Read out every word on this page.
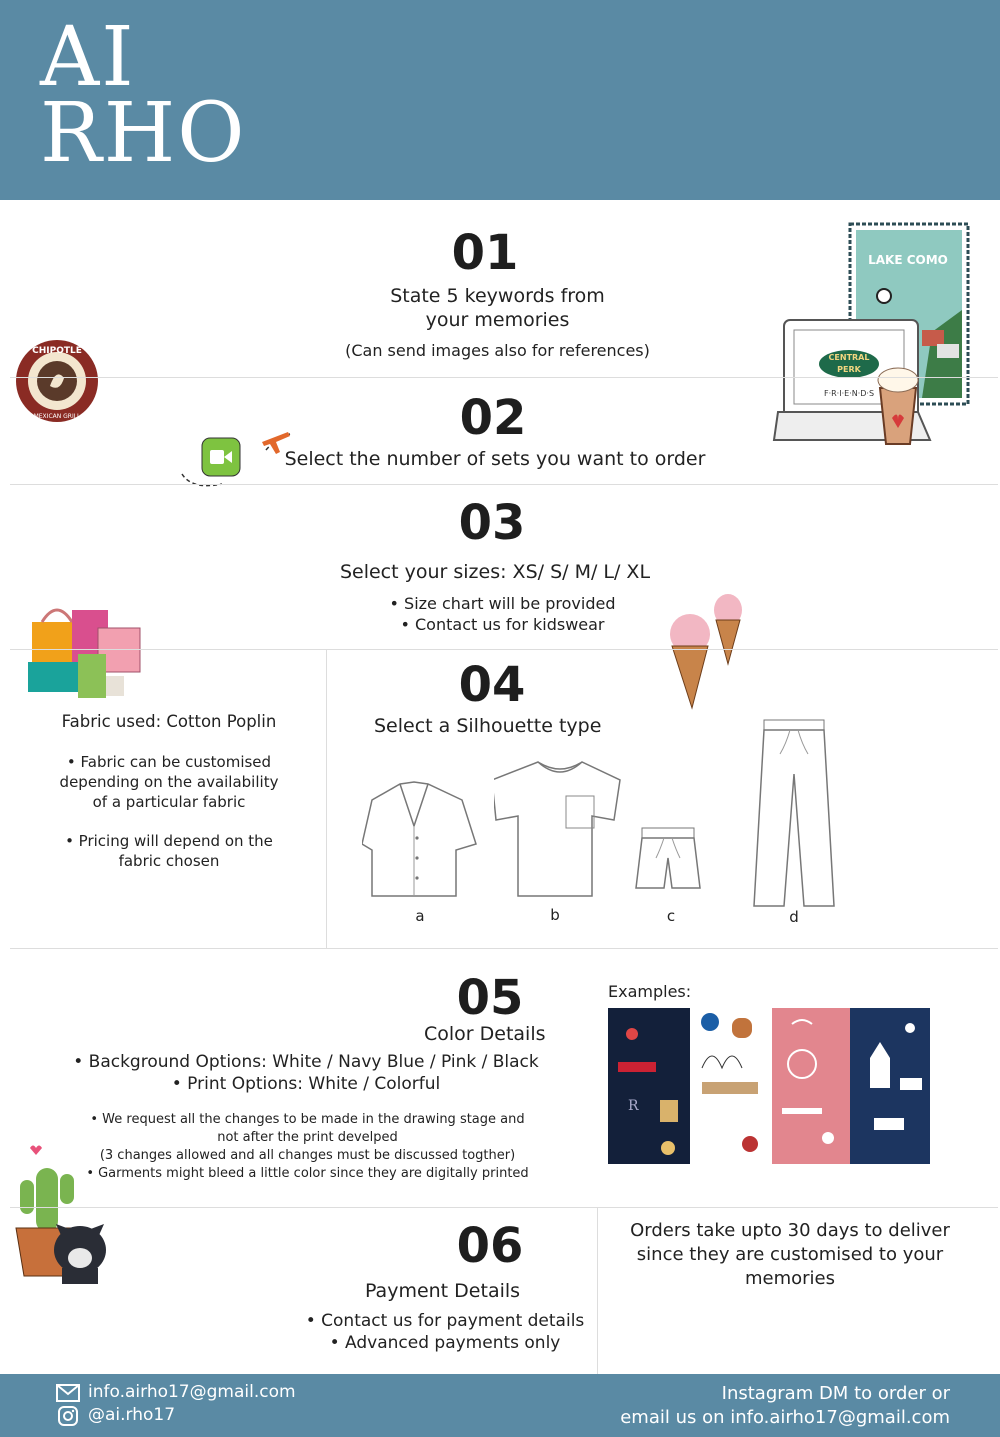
AI
RHO
CHIPOTLE
MEXICAN GRILL
LAKE COMO
CENTRAL
PERK
F·R·I·E·N·D·S
01
State 5 keywords from
your memories
(Can send images also for references)
02
Select the number of sets you want to order
03
Select your sizes: XS/ S/ M/ L/ XL
• Size chart will be provided
• Contact us for kidswear
Fabric used: Cotton Poplin
• Fabric can be customised
depending on the availability
of a particular fabric
• Pricing will depend on the
fabric chosen
04
Select a Silhouette type
a	b	c	d
05
Color Details
• Background Options: White / Navy Blue / Pink / Black
• Print Options: White / Colorful
• We request all the changes to be made in the drawing stage and
not after the print develped
(3 changes allowed and all changes must be discussed togther)
• Garments might bleed a little color since they are digitally printed
Examples:
R
06
Payment Details
• Contact us for payment details
• Advanced payments only
Orders take upto 30 days to deliver
since they are customised to your
memories
info.airho17@gmail.com
@ai.rho17
Instagram DM to order or
email us on info.airho17@gmail.com
